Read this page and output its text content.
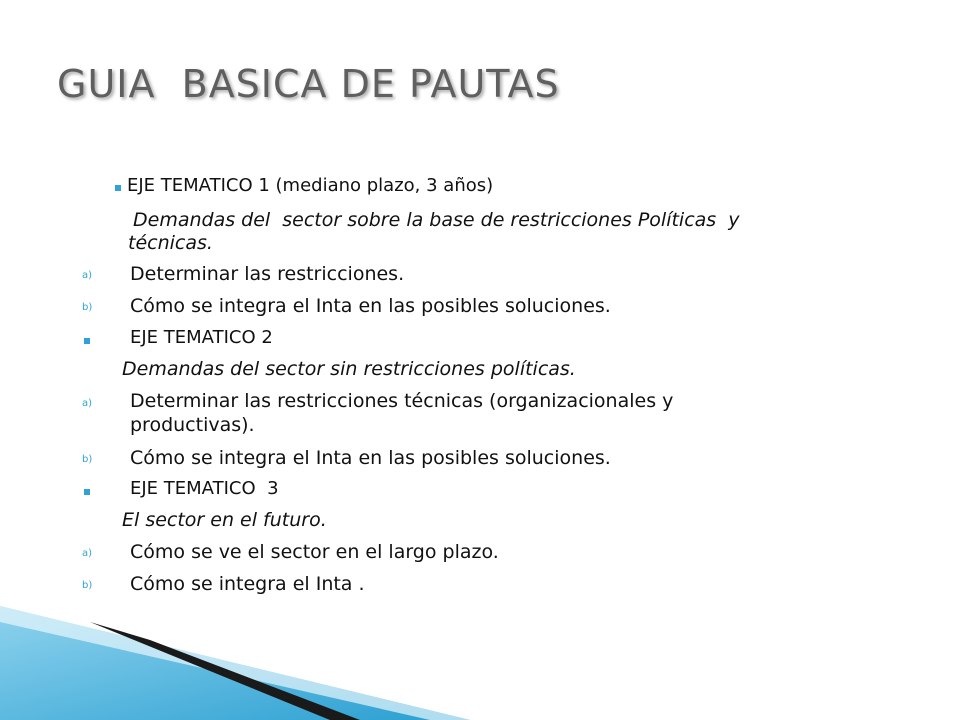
GUIA  BASICA DE PAUTAS
EJE TEMATICO 1 (mediano plazo, 3 años)
Demandas del  sector sobre la base de restricciones Políticas  y
técnicas.
a) Determinar las restricciones.
b) Cómo se integra el Inta en las posibles soluciones.
EJE TEMATICO 2
Demandas del sector sin restricciones políticas.
a) Determinar las restricciones técnicas (organizacionales y
productivas).
b) Cómo se integra el Inta en las posibles soluciones.
EJE TEMATICO  3
El sector en el futuro.
a) Cómo se ve el sector en el largo plazo.
b) Cómo se integra el Inta .
